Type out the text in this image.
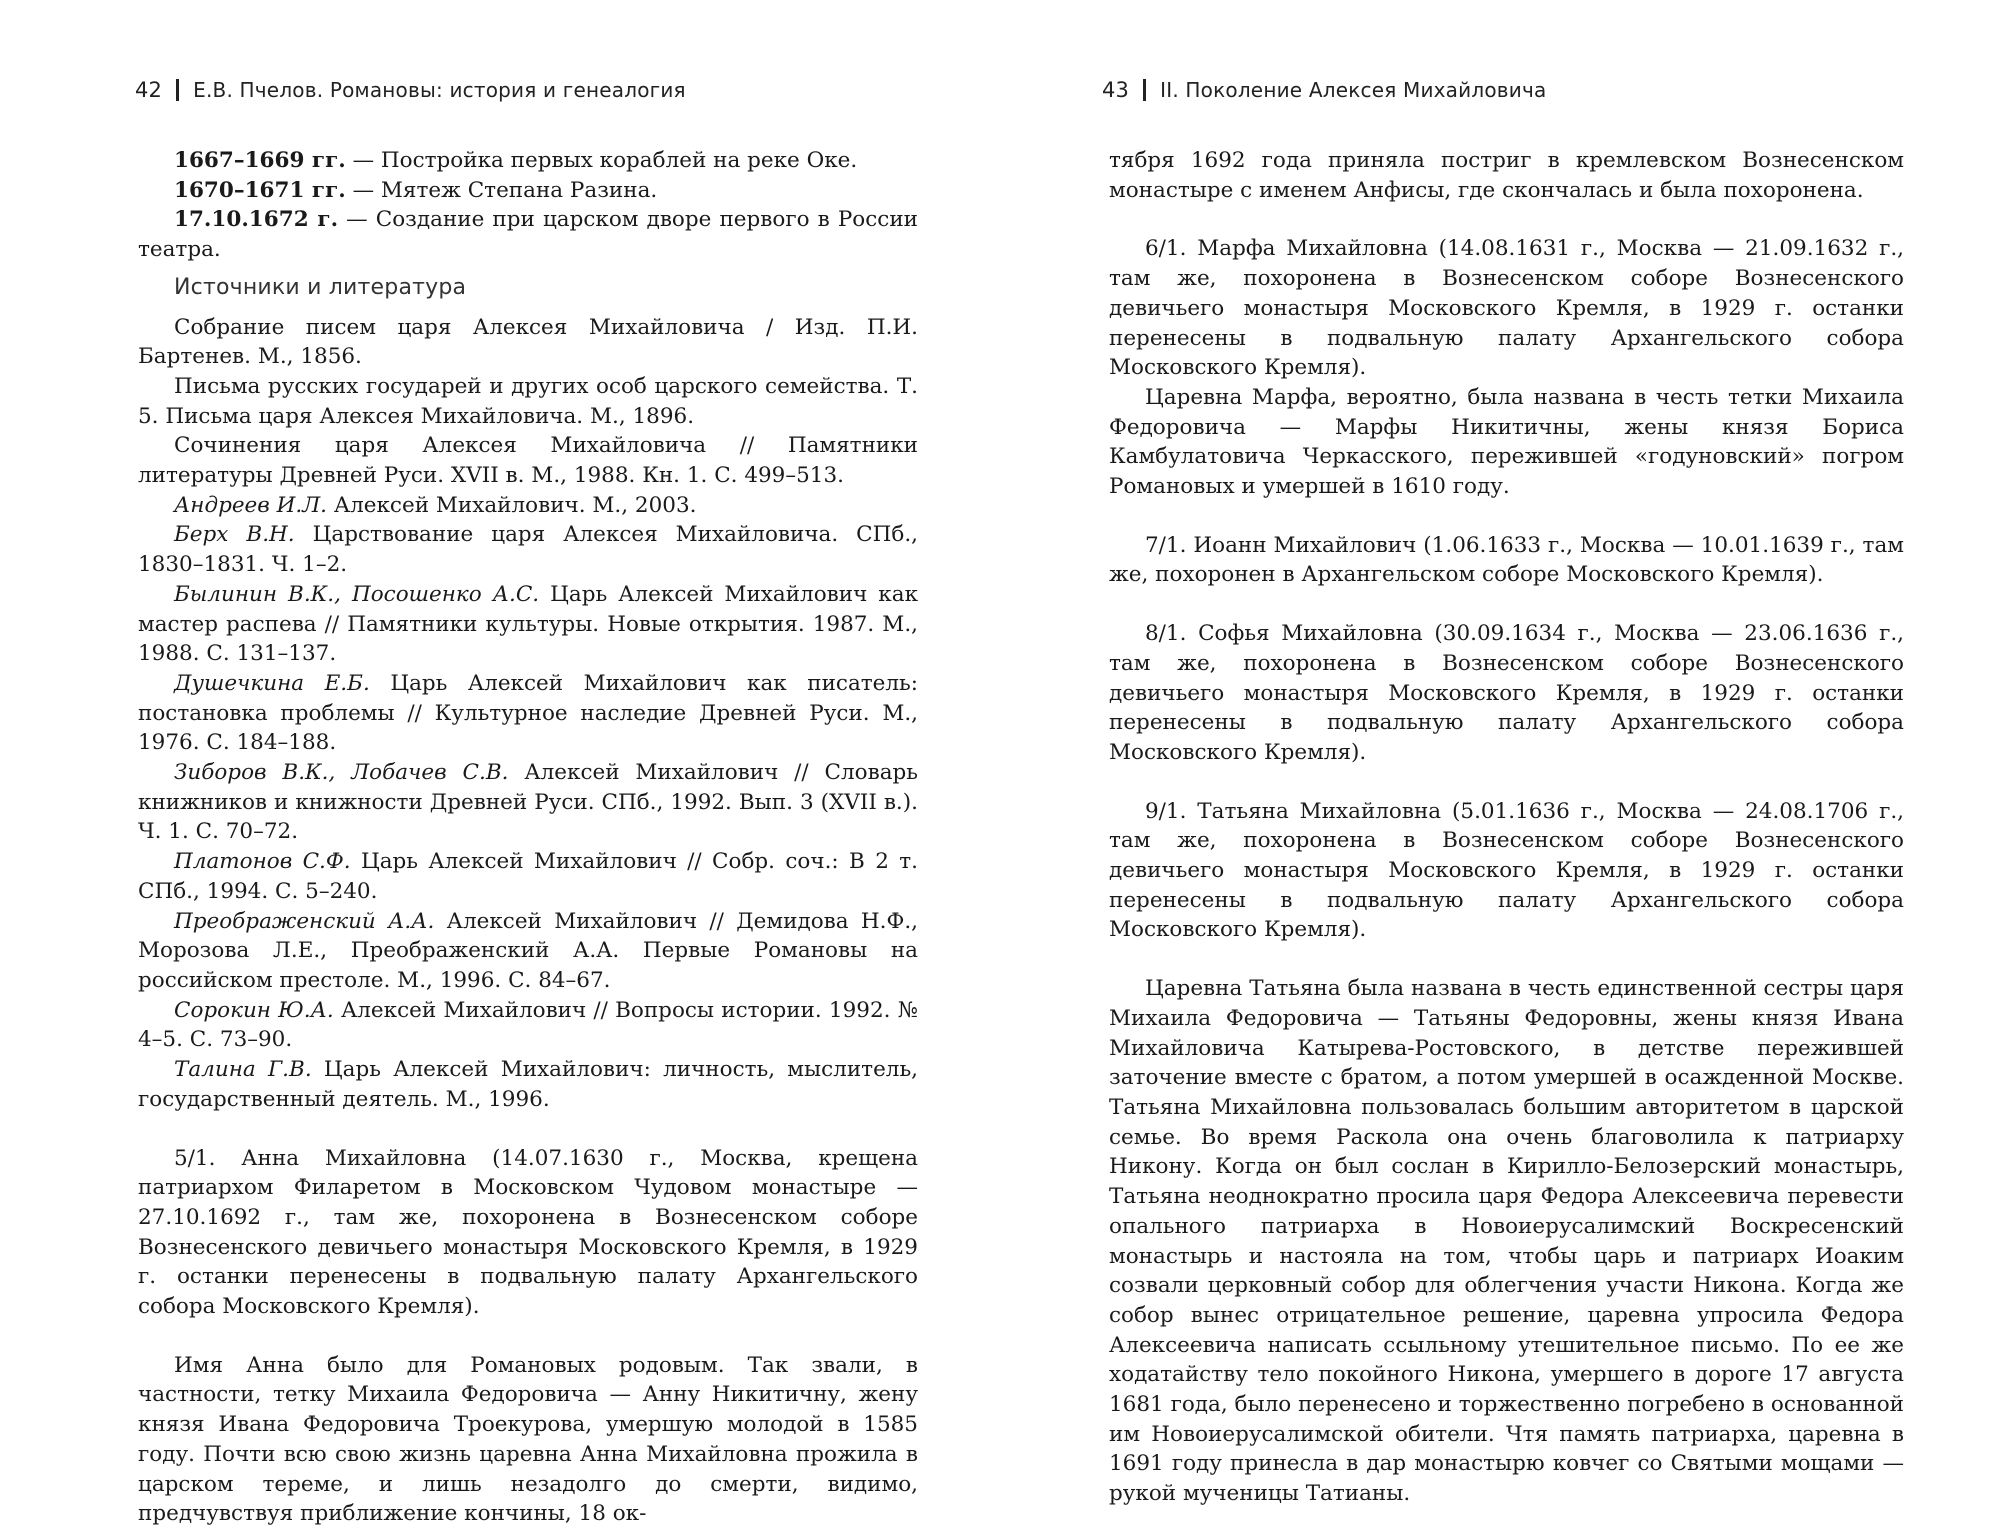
42 Е.В. Пчелов. Романовы: история и генеалогия

1667–1669 гг. — Постройка первых кораблей на реке Оке.

1670–1671 гг. — Мятеж Степана Разина.

17.10.1672 г. — Создание при царском дворе первого в России театра.

Источники и литература

Собрание писем царя Алексея Михайловича / Изд. П.И. Бартенев. М., 1856.

Письма русских государей и других особ царского семейства. Т. 5. Письма царя Алексея Михайловича. М., 1896.

Сочинения царя Алексея Михайловича // Памятники литературы Древней Руси. XVII в. М., 1988. Кн. 1. С. 499–513.

Андреев И.Л. Алексей Михайлович. М., 2003.

Берх В.Н. Царствование царя Алексея Михайловича. СПб., 1830–1831. Ч. 1–2.

Былинин В.К., Посошенко А.С. Царь Алексей Михайлович как мастер распева // Памятники культуры. Новые открытия. 1987. М., 1988. С. 131–137.

Душечкина Е.Б. Царь Алексей Михайлович как писатель: постановка проблемы // Культурное наследие Древней Руси. М., 1976. С. 184–188.

Зиборов В.К., Лобачев С.В. Алексей Михайлович // Словарь книжников и книжности Древней Руси. СПб., 1992. Вып. 3 (XVII в.). Ч. 1. С. 70–72.

Платонов С.Ф. Царь Алексей Михайлович // Собр. соч.: В 2 т. СПб., 1994. С. 5–240.

Преображенский А.А. Алексей Михайлович // Демидова Н.Ф., Морозова Л.Е., Преображенский А.А. Первые Романовы на российском престоле. М., 1996. С. 84–67.

Сорокин Ю.А. Алексей Михайлович // Вопросы истории. 1992. № 4–5. С. 73–90.

Талина Г.В. Царь Алексей Михайлович: личность, мыслитель, государственный деятель. М., 1996.

5/1. Анна Михайловна (14.07.1630 г., Москва, крещена патриархом Филаретом в Московском Чудовом монастыре — 27.10.1692 г., там же, похоронена в Вознесенском соборе Вознесенского девичьего монастыря Московского Кремля, в 1929 г. останки перенесены в подвальную палату Архангельского собора Московского Кремля).

Имя Анна было для Романовых родовым. Так звали, в частности, тетку Михаила Федоровича — Анну Никитичну, жену князя Ивана Федоровича Троекурова, умершую молодой в 1585 году. Почти всю свою жизнь царевна Анна Михайловна прожила в царском тереме, и лишь незадолго до смерти, видимо, предчувствуя приближение кончины, 18 ок-

43 II. Поколение Алексея Михайловича

тября 1692 года приняла постриг в кремлевском Вознесенском монастыре с именем Анфисы, где скончалась и была похоронена.

6/1. Марфа Михайловна (14.08.1631 г., Москва — 21.09.1632 г., там же, похоронена в Вознесенском соборе Вознесенского девичьего монастыря Московского Кремля, в 1929 г. останки перенесены в подвальную палату Архангельского собора Московского Кремля).

Царевна Марфа, вероятно, была названа в честь тетки Михаила Федоровича — Марфы Никитичны, жены князя Бориса Камбулатовича Черкасского, пережившей «годуновский» погром Романовых и умершей в 1610 году.

7/1. Иоанн Михайлович (1.06.1633 г., Москва — 10.01.1639 г., там же, похоронен в Архангельском соборе Московского Кремля).

8/1. Софья Михайловна (30.09.1634 г., Москва — 23.06.1636 г., там же, похоронена в Вознесенском соборе Вознесенского девичьего монастыря Московского Кремля, в 1929 г. останки перенесены в подвальную палату Архангельского собора Московского Кремля).

9/1. Татьяна Михайловна (5.01.1636 г., Москва — 24.08.1706 г., там же, похоронена в Вознесенском соборе Вознесенского девичьего монастыря Московского Кремля, в 1929 г. останки перенесены в подвальную палату Архангельского собора Московского Кремля).

Царевна Татьяна была названа в честь единственной сестры царя Михаила Федоровича — Татьяны Федоровны, жены князя Ивана Михайловича Катырева-Ростовского, в детстве пережившей заточение вместе с братом, а потом умершей в осажденной Москве. Татьяна Михайловна пользовалась большим авторитетом в царской семье. Во время Раскола она очень благоволила к патриарху Никону. Когда он был сослан в Кирилло-Белозерский монастырь, Татьяна неоднократно просила царя Федора Алексеевича перевести опального патриарха в Новоиерусалимский Воскресенский монастырь и настояла на том, чтобы царь и патриарх Иоаким созвали церковный собор для облегчения участи Никона. Когда же собор вынес отрицательное решение, царевна упросила Федора Алексеевича написать ссыльному утешительное письмо. По ее же ходатайству тело покойного Никона, умершего в дороге 17 августа 1681 года, было перенесено и торжественно погребено в основанной им Новоиерусалимской обители. Чтя память патриарха, царевна в 1691 году принесла в дар монастырю ковчег со Святыми мощами — рукой мученицы Татианы.
